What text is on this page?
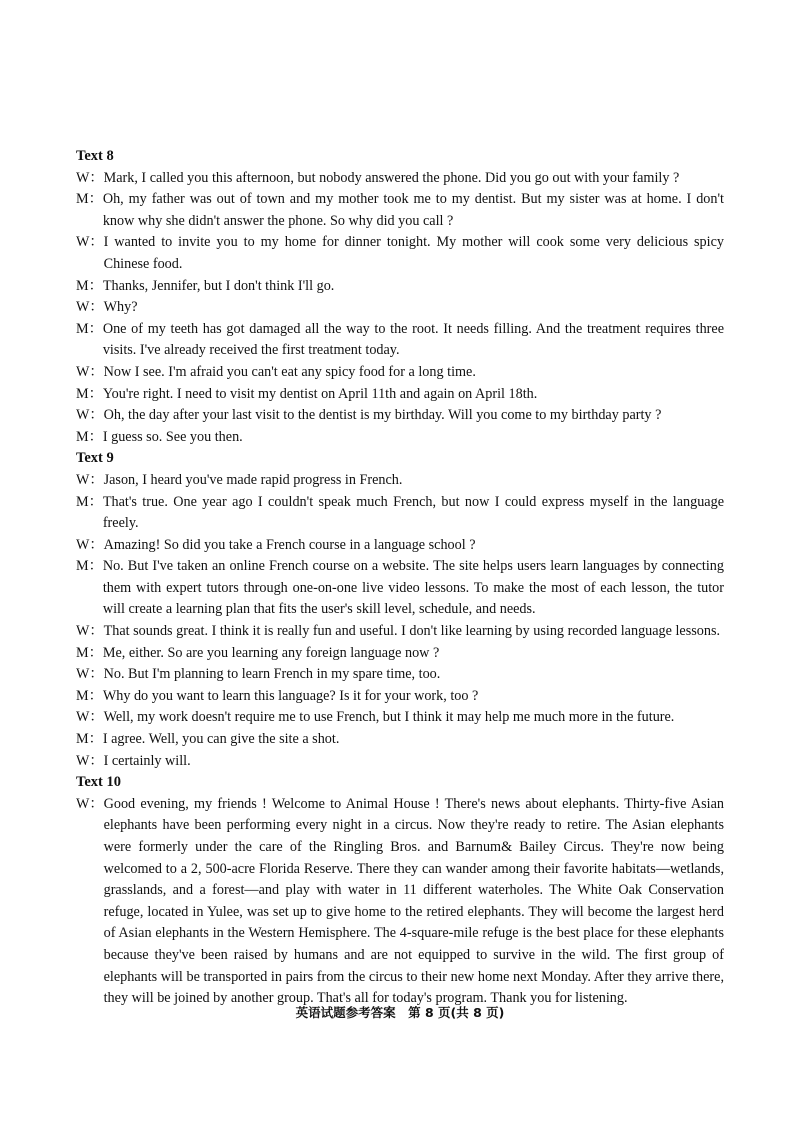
Text 8
W： Mark, I called you this afternoon, but nobody answered the phone. Did you go out with your family ?
M： Oh, my father was out of town and my mother took me to my dentist. But my sister was at home. I don't know why she didn't answer the phone. So why did you call ?
W： I wanted to invite you to my home for dinner tonight. My mother will cook some very delicious spicy Chinese food.
M： Thanks, Jennifer, but I don't think I'll go.
W： Why?
M： One of my teeth has got damaged all the way to the root. It needs filling. And the treatment requires three visits. I've already received the first treatment today.
W： Now I see. I'm afraid you can't eat any spicy food for a long time.
M： You're right. I need to visit my dentist on April 11th and again on April 18th.
W： Oh, the day after your last visit to the dentist is my birthday. Will you come to my birthday party ?
M： I guess so. See you then.
Text 9
W： Jason, I heard you've made rapid progress in French.
M： That's true. One year ago I couldn't speak much French, but now I could express myself in the language freely.
W： Amazing! So did you take a French course in a language school ?
M： No. But I've taken an online French course on a website. The site helps users learn languages by connecting them with expert tutors through one-on-one live video lessons. To make the most of each lesson, the tutor will create a learning plan that fits the user's skill level, schedule, and needs.
W： That sounds great. I think it is really fun and useful. I don't like learning by using recorded language lessons.
M： Me, either. So are you learning any foreign language now ?
W： No. But I'm planning to learn French in my spare time, too.
M： Why do you want to learn this language? Is it for your work, too ?
W： Well, my work doesn't require me to use French, but I think it may help me much more in the future.
M： I agree. Well, you can give the site a shot.
W： I certainly will.
Text 10
W： Good evening, my friends ! Welcome to Animal House ! There's news about elephants. Thirty-five Asian elephants have been performing every night in a circus. Now they're ready to retire. The Asian elephants were formerly under the care of the Ringling Bros. and Barnum& Bailey Circus. They're now being welcomed to a 2, 500-acre Florida Reserve. There they can wander among their favorite habitats—wetlands, grasslands, and a forest—and play with water in 11 different waterholes. The White Oak Conservation refuge, located in Yulee, was set up to give home to the retired elephants. They will become the largest herd of Asian elephants in the Western Hemisphere. The 4-square-mile refuge is the best place for these elephants because they've been raised by humans and are not equipped to survive in the wild. The first group of elephants will be transported in pairs from the circus to their new home next Monday. After they arrive there, they will be joined by another group. That's all for today's program. Thank you for listening.
英语试题参考答案　第 8 页(共 8 页)
